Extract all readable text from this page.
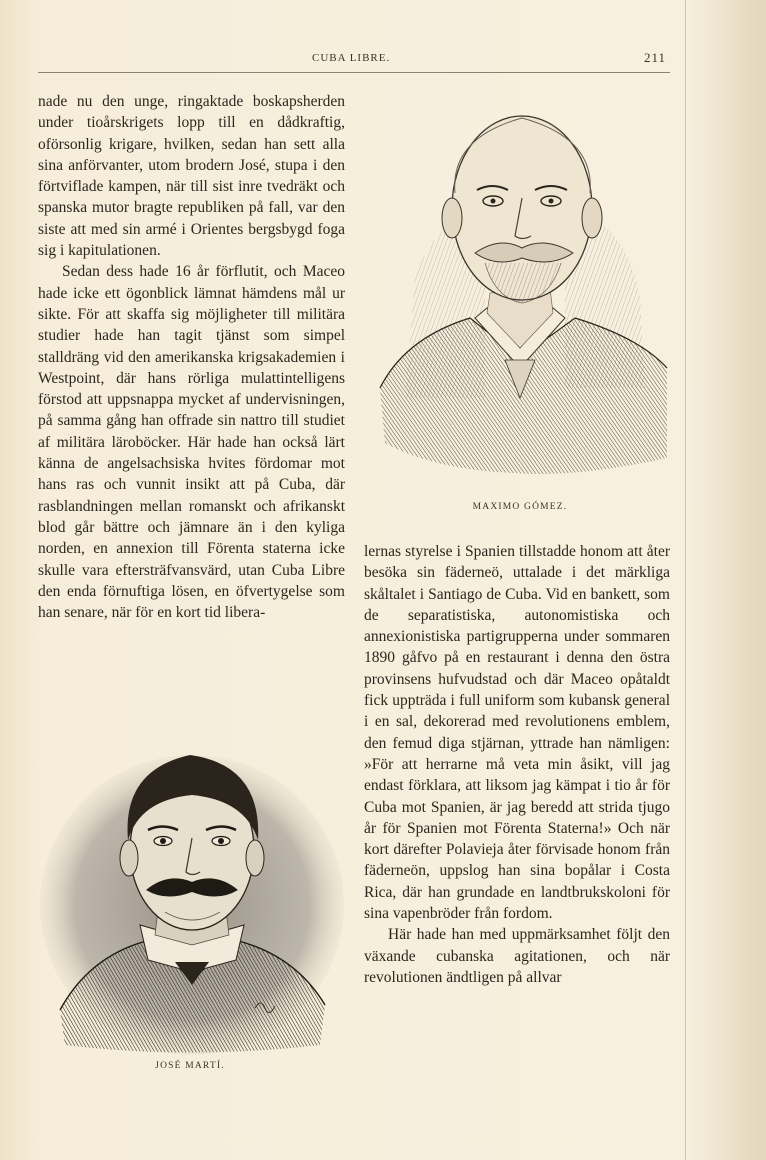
CUBA LIBRE.	211

nade nu den unge, ringaktade boskapsherden under tioårskrigets lopp till en dådkraftig, oförsonlig krigare, hvilken, sedan han sett alla sina anförvanter, utom brodern José, stupa i den förtviflade kampen, när till sist inre tvedräkt och spanska mutor bragte republiken på fall, var den siste att med sin armé i Orientes bergsbygd foga sig i kapitulationen.

Sedan dess hade 16 år förflutit, och Maceo hade icke ett ögonblick lämnat hämdens mål ur sikte. För att skaffa sig möjligheter till militära studier hade han tagit tjänst som simpel stalldräng vid den amerikanska krigsakademien i Westpoint, där hans rörliga mulattintelligens förstod att uppsnappa mycket af undervisningen, på samma gång han offrade sin nattro till studiet af militära läroböcker. Här hade han också lärt känna de angelsachsiska hvites fördomar mot hans ras och vunnit insikt att på Cuba, där rasblandningen mellan romanskt och afrikanskt blod går bättre och jämnare än i den kyliga norden, en annexion till Förenta staterna icke skulle vara eftersträfvansvärd, utan Cuba Libre den enda förnuftiga lösen, en öfvertygelse som han senare, när för en kort tid libera-

lernas styrelse i Spanien tillstadde honom att åter besöka sin fäderneö, uttalade i det märkliga skåltalet i Santiago de Cuba. Vid en bankett, som de separatistiska, autonomistiska och annexionistiska partigrupperna under sommaren 1890 gåfvo på en restaurant i denna den östra provinsens hufvudstad och där Maceo opåtaldt fick uppträda i full uniform som kubansk general i en sal, dekorerad med revolutionens emblem, den femud diga stjärnan, yttrade han nämligen: »För att herrarne må veta min åsikt, vill jag endast förklara, att liksom jag kämpat i tio år för Cuba mot Spanien, är jag beredd att strida tjugo år för Spanien mot Förenta Staterna!» Och när kort därefter Polavieja åter förvisade honom från fäderneön, uppslog han sina bopålar i Costa Rica, där han grundade en landtbrukskoloni för sina vapenbröder från fordom.

Här hade han med uppmärksamhet följt den växande cubanska agitationen, och när revolutionen ändtligen på allvar

MAXIMO GÓMEZ.
JOSÉ MARTÍ.
